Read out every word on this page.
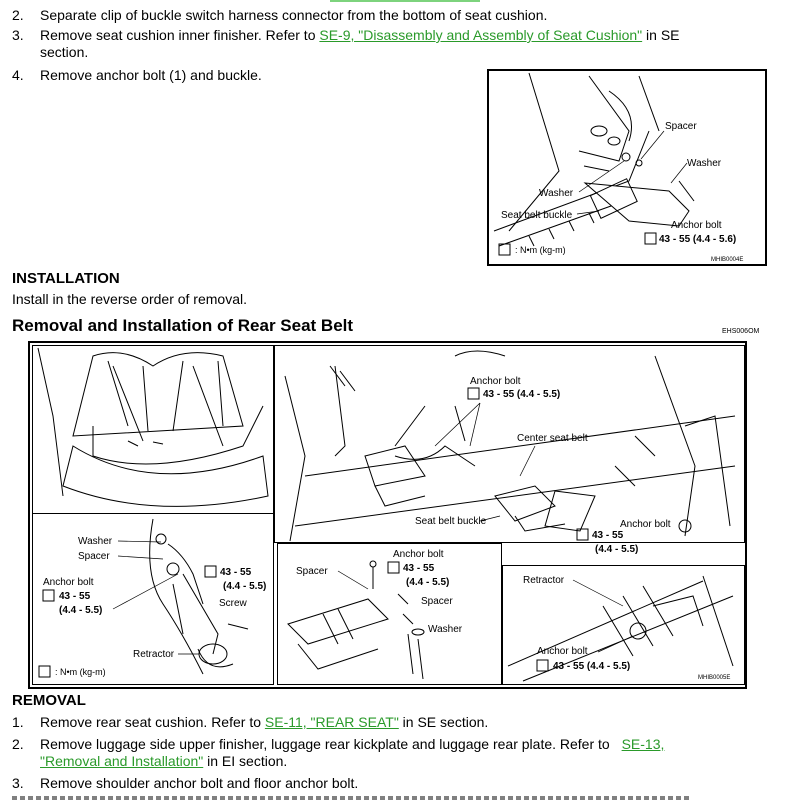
2. Separate clip of buckle switch harness connector from the bottom of seat cushion.
3. Remove seat cushion inner finisher. Refer to SE-9, "Disassembly and Assembly of Seat Cushion" in SE
section.
4. Remove anchor bolt (1) and buckle.
Spacer
Washer
Washer
Seat belt buckle
Anchor bolt
43 - 55 (4.4 - 5.6)
: N•m (kg-m)
MHIB0004E
INSTALLATION
Install in the reverse order of removal.
Removal and Installation of Rear Seat Belt	EHS006OM
Washer
Spacer
Anchor bolt
43 - 55
(4.4 - 5.5)
43 - 55
(4.4 - 5.5)
Screw
Retractor
: N•m (kg-m)
Anchor bolt
43 - 55 (4.4 - 5.5)
Center seat belt
Seat belt buckle	Anchor bolt
43 - 55
(4.4 - 5.5)
Spacer
Anchor bolt
43 - 55
(4.4 - 5.5)
Spacer
Washer
Retractor
Anchor bolt
43 - 55 (4.4 - 5.5)
MHIB0005E
REMOVAL
1. Remove rear seat cushion. Refer to SE-11, "REAR SEAT" in SE section.
2. Remove luggage side upper finisher, luggage rear kickplate and luggage rear plate. Refer to SE-13,
"Removal and Installation" in EI section.
3. Remove shoulder anchor bolt and floor anchor bolt.
